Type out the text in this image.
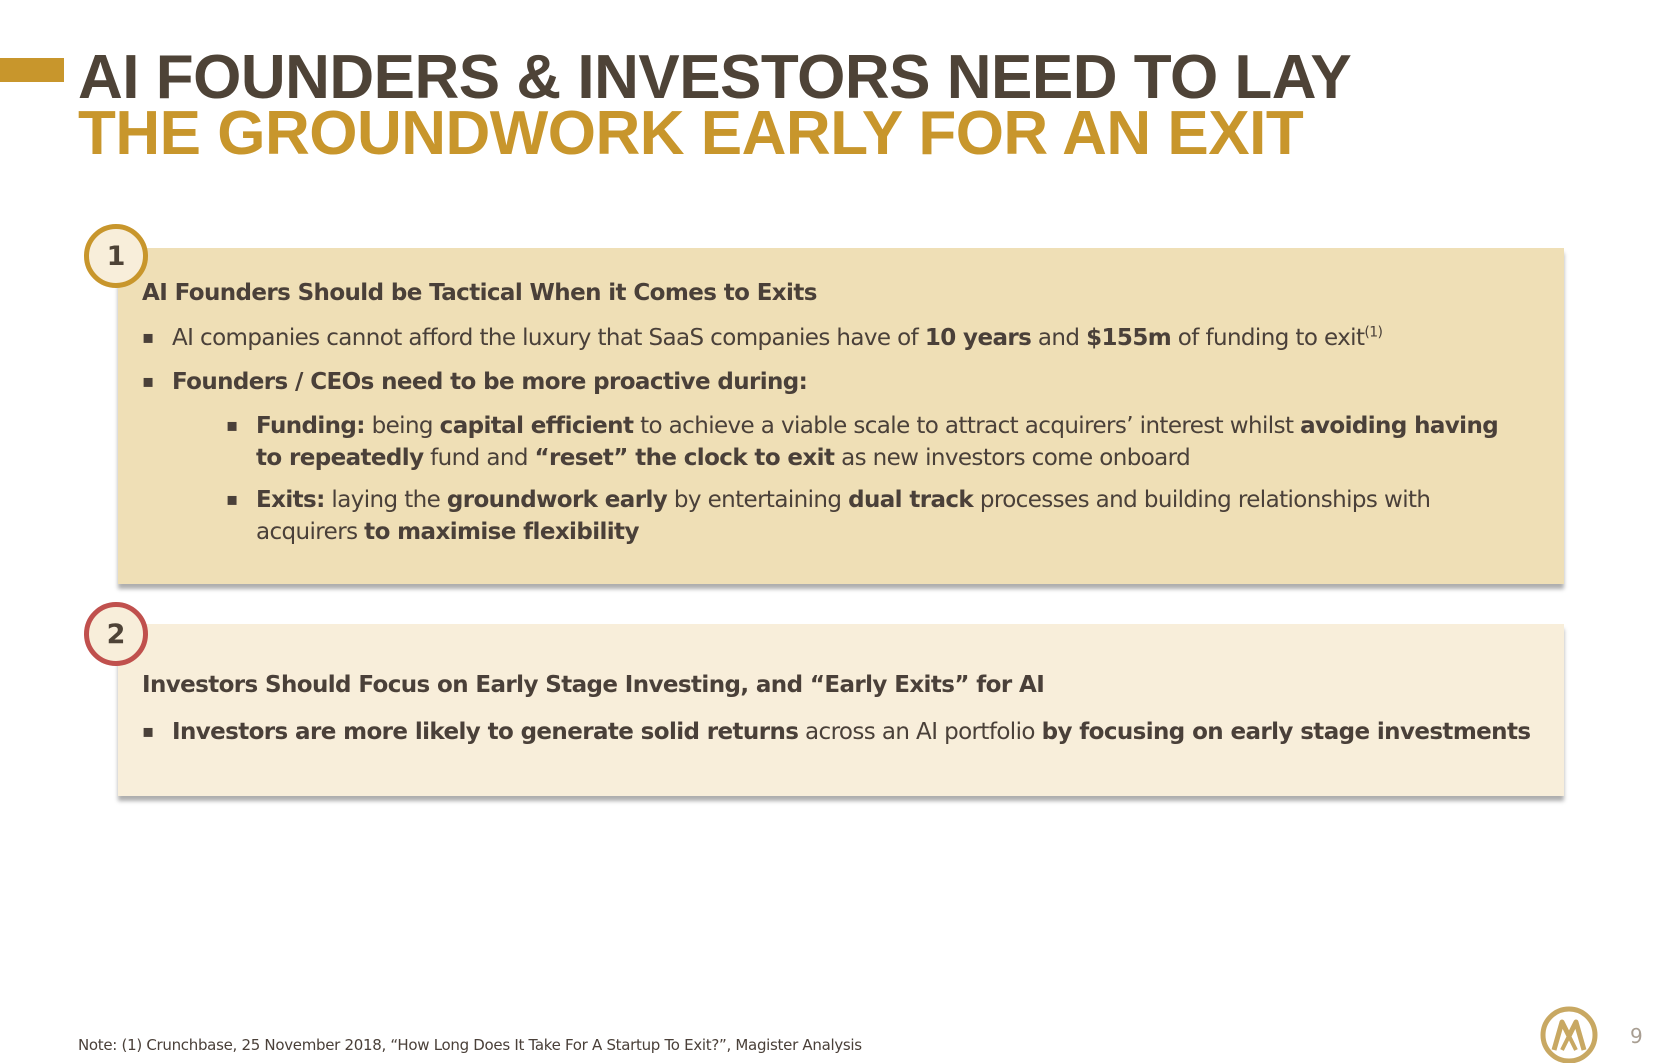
AI FOUNDERS & INVESTORS NEED TO LAY
THE GROUNDWORK EARLY FOR AN EXIT
AI Founders Should be Tactical When it Comes to Exits
▪ AI companies cannot afford the luxury that SaaS companies have of 10 years and $155m of funding to exit$^{(1)}$
▪ Founders / CEOs need to be more proactive during:
▪ Funding: being capital efficient to achieve a viable scale to attract acquirers’ interest whilst avoiding having to repeatedly fund and “reset” the clock to exit as new investors come onboard
▪ Exits: laying the groundwork early by entertaining dual track processes and building relationships with acquirers to maximise flexibility
1
Investors Should Focus on Early Stage Investing, and “Early Exits” for AI
▪ Investors are more likely to generate solid returns across an AI portfolio by focusing on early stage investments
2
Note: (1) Crunchbase, 25 November 2018, “How Long Does It Take For A Startup To Exit?”, Magister Analysis	9
